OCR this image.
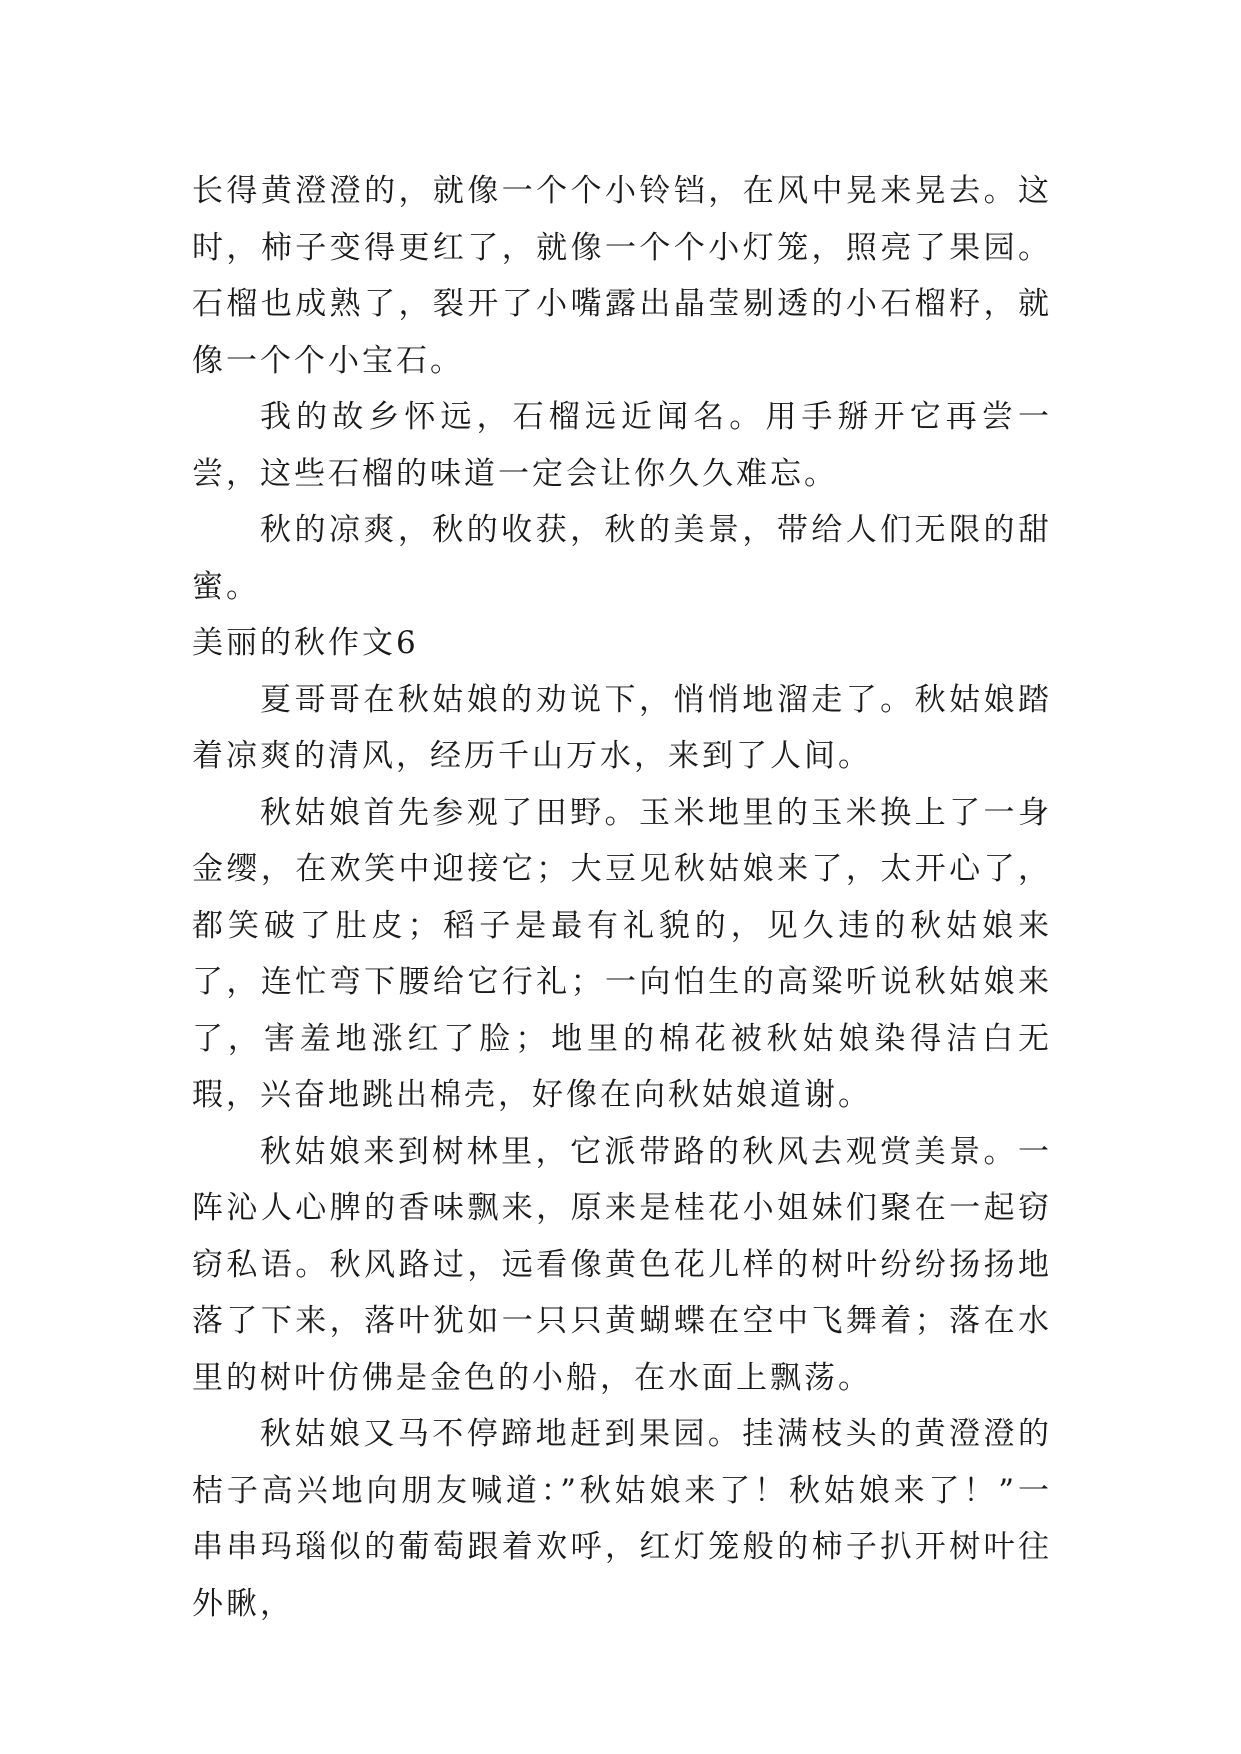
长得黄澄澄的，就像一个个小铃铛，在风中晃来晃去。这时，柿子变得更红了，就像一个个小灯笼，照亮了果园。石榴也成熟了，裂开了小嘴露出晶莹剔透的小石榴籽，就像一个个小宝石。

我的故乡怀远，石榴远近闻名。用手掰开它再尝一尝，这些石榴的味道一定会让你久久难忘。

秋的凉爽，秋的收获，秋的美景，带给人们无限的甜蜜。

美丽的秋作文6

夏哥哥在秋姑娘的劝说下，悄悄地溜走了。秋姑娘踏着凉爽的清风，经历千山万水，来到了人间。

秋姑娘首先参观了田野。玉米地里的玉米换上了一身金缨，在欢笑中迎接它；大豆见秋姑娘来了，太开心了，都笑破了肚皮；稻子是最有礼貌的，见久违的秋姑娘来了，连忙弯下腰给它行礼；一向怕生的高粱听说秋姑娘来了，害羞地涨红了脸；地里的棉花被秋姑娘染得洁白无瑕，兴奋地跳出棉壳，好像在向秋姑娘道谢。

秋姑娘来到树林里，它派带路的秋风去观赏美景。一阵沁人心脾的香味飘来，原来是桂花小姐妹们聚在一起窃窃私语。秋风路过，远看像黄色花儿样的树叶纷纷扬扬地落了下来，落叶犹如一只只黄蝴蝶在空中飞舞着；落在水里的树叶仿佛是金色的小船，在水面上飘荡。

秋姑娘又马不停蹄地赶到果园。挂满枝头的黄澄澄的桔子高兴地向朋友喊道：”秋姑娘来了！秋姑娘来了！”一串串玛瑙似的葡萄跟着欢呼，红灯笼般的柿子扒开树叶往外瞅，
